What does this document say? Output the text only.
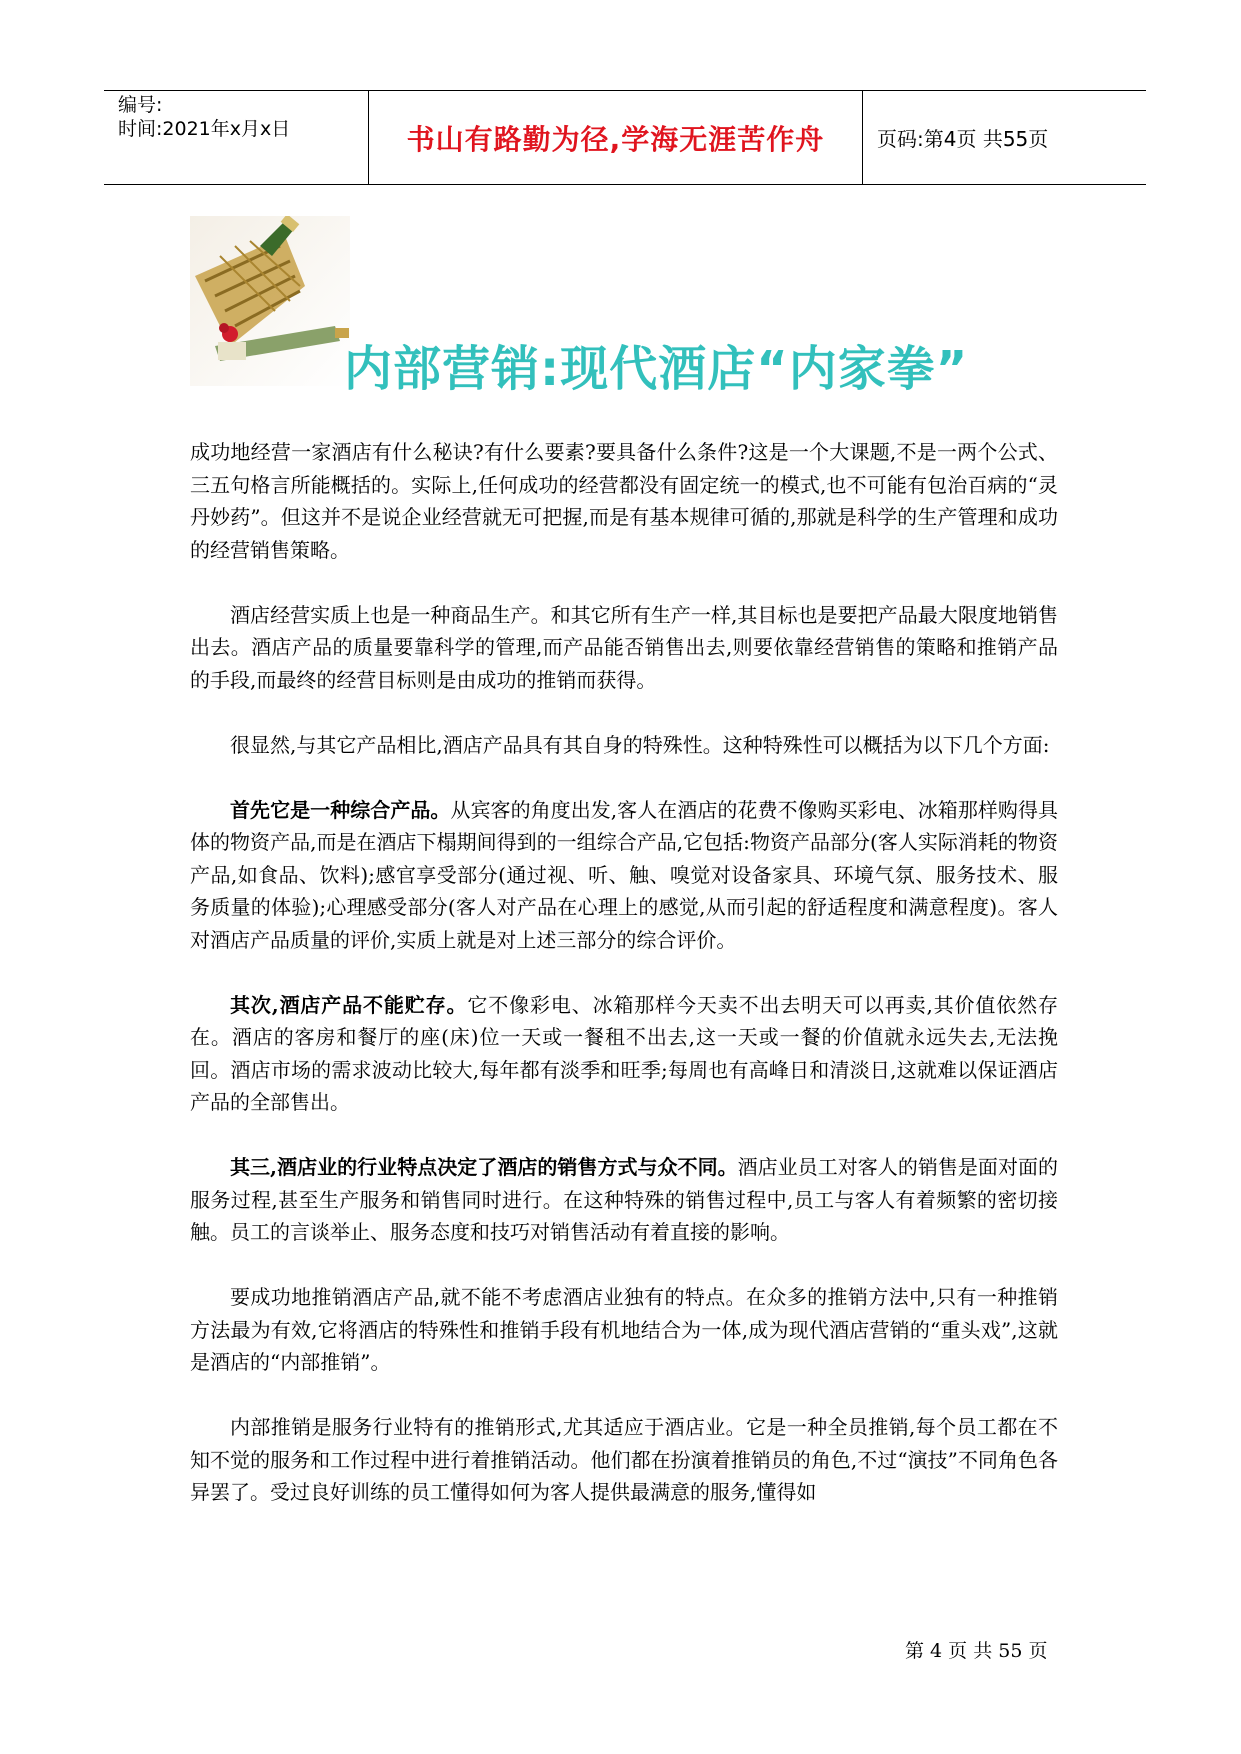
编号:
时间:2021年x月x日	书山有路勤为径,学海无涯苦作舟	页码:第4页 共55页
内部营销:现代酒店“内家拳”

成功地经营一家酒店有什么秘诀?有什么要素?要具备什么条件?这是一个大课题,不是一两个公式、三五句格言所能概括的。实际上,任何成功的经营都没有固定统一的模式,也不可能有包治百病的“灵丹妙药”。但这并不是说企业经营就无可把握,而是有基本规律可循的,那就是科学的生产管理和成功的经营销售策略。

酒店经营实质上也是一种商品生产。和其它所有生产一样,其目标也是要把产品最大限度地销售出去。酒店产品的质量要靠科学的管理,而产品能否销售出去,则要依靠经营销售的策略和推销产品的手段,而最终的经营目标则是由成功的推销而获得。

很显然,与其它产品相比,酒店产品具有其自身的特殊性。这种特殊性可以概括为以下几个方面:

首先它是一种综合产品。从宾客的角度出发,客人在酒店的花费不像购买彩电、冰箱那样购得具体的物资产品,而是在酒店下榻期间得到的一组综合产品,它包括:物资产品部分(客人实际消耗的物资产品,如食品、饮料);感官享受部分(通过视、听、触、嗅觉对设备家具、环境气氛、服务技术、服务质量的体验);心理感受部分(客人对产品在心理上的感觉,从而引起的舒适程度和满意程度)。客人对酒店产品质量的评价,实质上就是对上述三部分的综合评价。

其次,酒店产品不能贮存。它不像彩电、冰箱那样今天卖不出去明天可以再卖,其价值依然存在。酒店的客房和餐厅的座(床)位一天或一餐租不出去,这一天或一餐的价值就永远失去,无法挽回。酒店市场的需求波动比较大,每年都有淡季和旺季;每周也有高峰日和清淡日,这就难以保证酒店产品的全部售出。

其三,酒店业的行业特点决定了酒店的销售方式与众不同。酒店业员工对客人的销售是面对面的服务过程,甚至生产服务和销售同时进行。在这种特殊的销售过程中,员工与客人有着频繁的密切接触。员工的言谈举止、服务态度和技巧对销售活动有着直接的影响。

要成功地推销酒店产品,就不能不考虑酒店业独有的特点。在众多的推销方法中,只有一种推销方法最为有效,它将酒店的特殊性和推销手段有机地结合为一体,成为现代酒店营销的“重头戏”,这就是酒店的“内部推销”。

内部推销是服务行业特有的推销形式,尤其适应于酒店业。它是一种全员推销,每个员工都在不知不觉的服务和工作过程中进行着推销活动。他们都在扮演着推销员的角色,不过“演技”不同角色各异罢了。受过良好训练的员工懂得如何为客人提供最满意的服务,懂得如

第 4 页 共 55 页
